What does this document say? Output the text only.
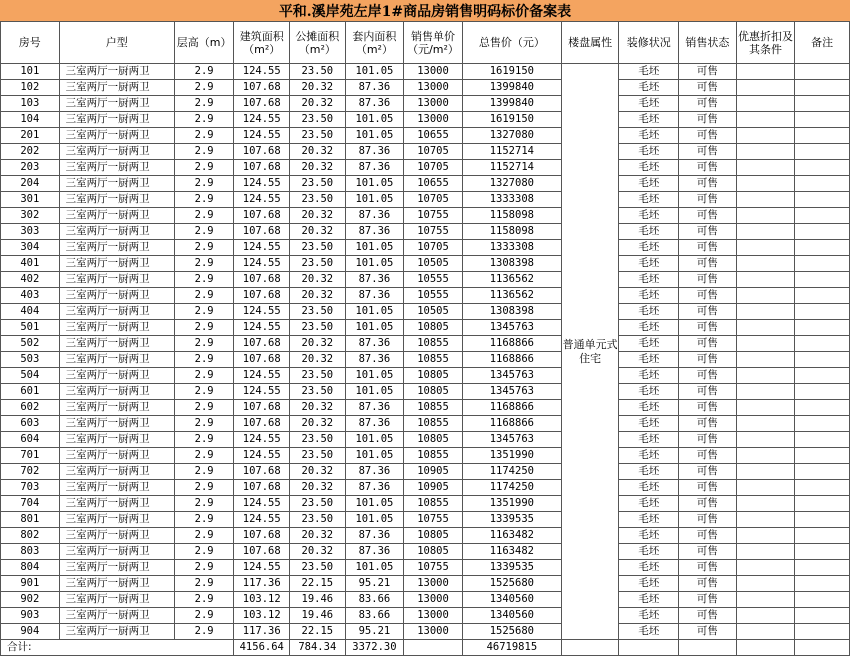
平和.溪岸苑左岸1#商品房销售明码标价备案表
房号	户型	层高（m）	建筑面积（m²）	公摊面积（m²）	套内面积（m²）	销售单价（元/m²）	总售价（元）	楼盘属性	装修状况	销售状态	优惠折扣及其条件	备注
101	三室两厅一厨两卫	2.9	124.55	23.50	101.05	13000	1619150	普通单元式住宅	毛坯	可售		
102	三室两厅一厨两卫	2.9	107.68	20.32	87.36	13000	1399840		毛坯	可售		
103	三室两厅一厨两卫	2.9	107.68	20.32	87.36	13000	1399840		毛坯	可售		
104	三室两厅一厨两卫	2.9	124.55	23.50	101.05	13000	1619150		毛坯	可售		
201	三室两厅一厨两卫	2.9	124.55	23.50	101.05	10655	1327080		毛坯	可售		
202	三室两厅一厨两卫	2.9	107.68	20.32	87.36	10705	1152714		毛坯	可售		
203	三室两厅一厨两卫	2.9	107.68	20.32	87.36	10705	1152714		毛坯	可售		
204	三室两厅一厨两卫	2.9	124.55	23.50	101.05	10655	1327080		毛坯	可售		
301	三室两厅一厨两卫	2.9	124.55	23.50	101.05	10705	1333308		毛坯	可售		
302	三室两厅一厨两卫	2.9	107.68	20.32	87.36	10755	1158098		毛坯	可售		
303	三室两厅一厨两卫	2.9	107.68	20.32	87.36	10755	1158098		毛坯	可售		
304	三室两厅一厨两卫	2.9	124.55	23.50	101.05	10705	1333308		毛坯	可售		
401	三室两厅一厨两卫	2.9	124.55	23.50	101.05	10505	1308398		毛坯	可售		
402	三室两厅一厨两卫	2.9	107.68	20.32	87.36	10555	1136562		毛坯	可售		
403	三室两厅一厨两卫	2.9	107.68	20.32	87.36	10555	1136562		毛坯	可售		
404	三室两厅一厨两卫	2.9	124.55	23.50	101.05	10505	1308398		毛坯	可售		
501	三室两厅一厨两卫	2.9	124.55	23.50	101.05	10805	1345763		毛坯	可售		
502	三室两厅一厨两卫	2.9	107.68	20.32	87.36	10855	1168866		毛坯	可售		
503	三室两厅一厨两卫	2.9	107.68	20.32	87.36	10855	1168866		毛坯	可售		
504	三室两厅一厨两卫	2.9	124.55	23.50	101.05	10805	1345763		毛坯	可售		
601	三室两厅一厨两卫	2.9	124.55	23.50	101.05	10805	1345763		毛坯	可售		
602	三室两厅一厨两卫	2.9	107.68	20.32	87.36	10855	1168866		毛坯	可售		
603	三室两厅一厨两卫	2.9	107.68	20.32	87.36	10855	1168866		毛坯	可售		
604	三室两厅一厨两卫	2.9	124.55	23.50	101.05	10805	1345763		毛坯	可售		
701	三室两厅一厨两卫	2.9	124.55	23.50	101.05	10855	1351990		毛坯	可售		
702	三室两厅一厨两卫	2.9	107.68	20.32	87.36	10905	1174250		毛坯	可售		
703	三室两厅一厨两卫	2.9	107.68	20.32	87.36	10905	1174250		毛坯	可售		
704	三室两厅一厨两卫	2.9	124.55	23.50	101.05	10855	1351990		毛坯	可售		
801	三室两厅一厨两卫	2.9	124.55	23.50	101.05	10755	1339535		毛坯	可售		
802	三室两厅一厨两卫	2.9	107.68	20.32	87.36	10805	1163482		毛坯	可售		
803	三室两厅一厨两卫	2.9	107.68	20.32	87.36	10805	1163482		毛坯	可售		
804	三室两厅一厨两卫	2.9	124.55	23.50	101.05	10755	1339535		毛坯	可售		
901	三室两厅一厨两卫	2.9	117.36	22.15	95.21	13000	1525680		毛坯	可售		
902	三室两厅一厨两卫	2.9	103.12	19.46	83.66	13000	1340560		毛坯	可售		
903	三室两厅一厨两卫	2.9	103.12	19.46	83.66	13000	1340560		毛坯	可售		
904	三室两厅一厨两卫	2.9	117.36	22.15	95.21	13000	1525680		毛坯	可售		
合计:			4156.64	784.34	3372.30		46719815					
